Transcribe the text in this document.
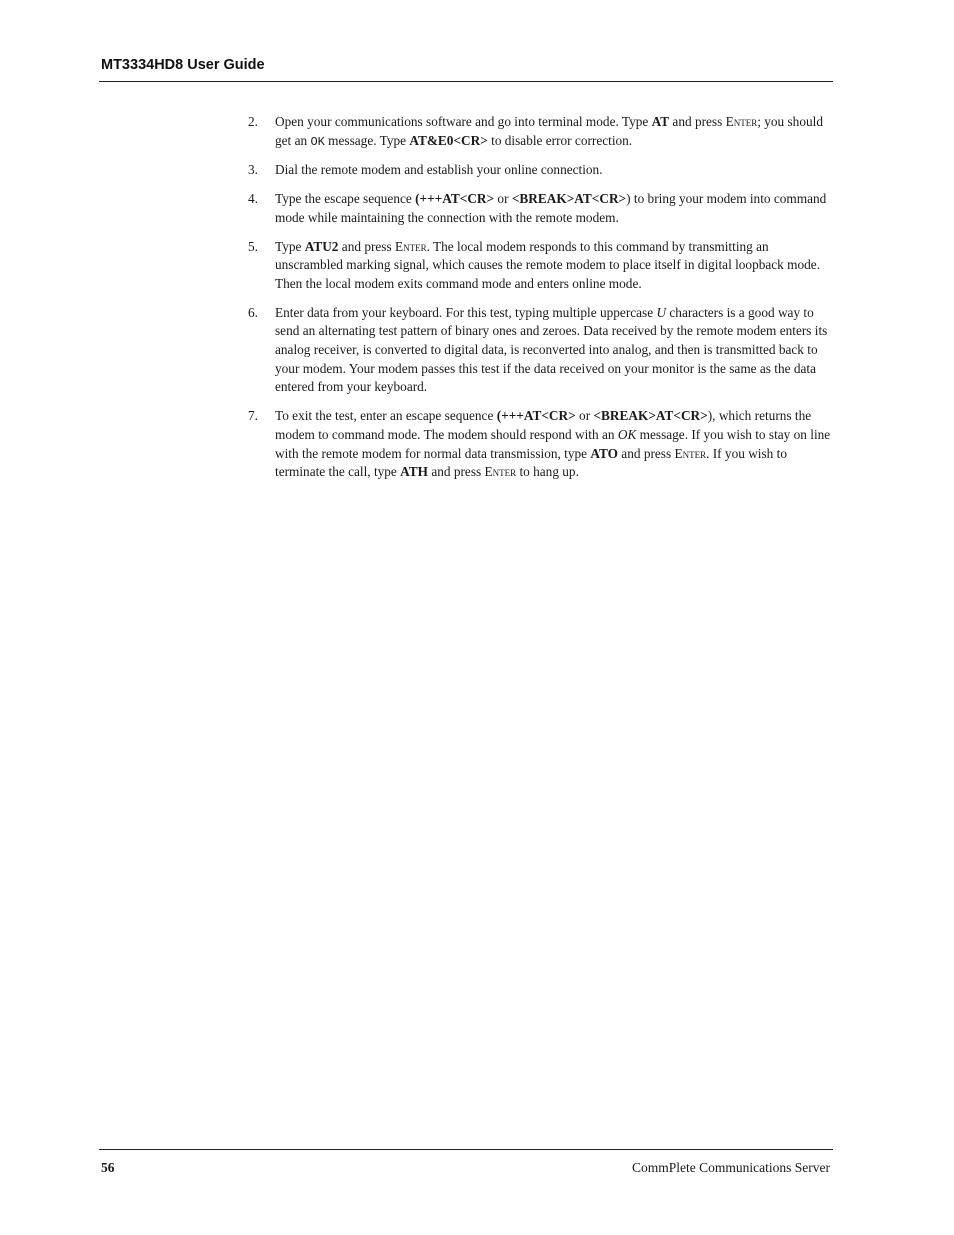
MT3334HD8 User Guide
2. Open your communications software and go into terminal mode. Type AT and press Enter; you should get an OK message. Type AT&E0<CR> to disable error correction.
3. Dial the remote modem and establish your online connection.
4. Type the escape sequence (+++AT<CR> or <BREAK>AT<CR>) to bring your modem into command mode while maintaining the connection with the remote modem.
5. Type ATU2 and press Enter. The local modem responds to this command by transmitting an unscrambled marking signal, which causes the remote modem to place itself in digital loopback mode. Then the local modem exits command mode and enters online mode.
6. Enter data from your keyboard. For this test, typing multiple uppercase U characters is a good way to send an alternating test pattern of binary ones and zeroes. Data received by the remote modem enters its analog receiver, is converted to digital data, is reconverted into analog, and then is transmitted back to your modem. Your modem passes this test if the data received on your monitor is the same as the data entered from your keyboard.
7. To exit the test, enter an escape sequence (+++AT<CR> or <BREAK>AT<CR>), which returns the modem to command mode. The modem should respond with an OK message. If you wish to stay on line with the remote modem for normal data transmission, type ATO and press Enter. If you wish to terminate the call, type ATH and press Enter to hang up.
56	CommPlete Communications Server
